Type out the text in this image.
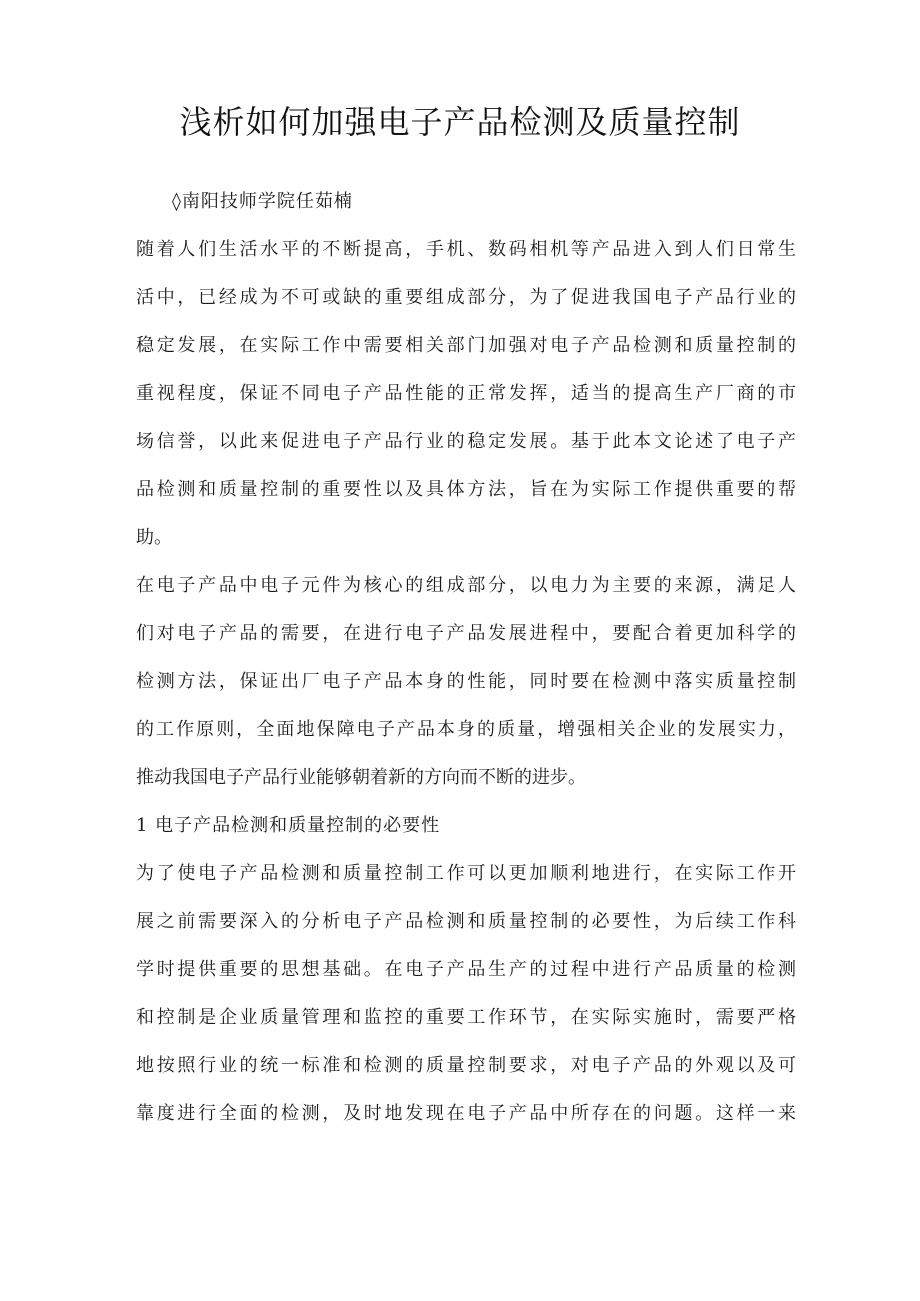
浅析如何加强电子产品检测及质量控制
◊南阳技师学院任茹楠
随着人们生活水平的不断提高，手机、数码相机等产品进入到人们日常生
活中，已经成为不可或缺的重要组成部分，为了促进我国电子产品行业的
稳定发展，在实际工作中需要相关部门加强对电子产品检测和质量控制的
重视程度，保证不同电子产品性能的正常发挥，适当的提高生产厂商的市
场信誉，以此来促进电子产品行业的稳定发展。基于此本文论述了电子产
品检测和质量控制的重要性以及具体方法，旨在为实际工作提供重要的帮
助。
在电子产品中电子元件为核心的组成部分，以电力为主要的来源，满足人
们对电子产品的需要，在进行电子产品发展进程中，要配合着更加科学的
检测方法，保证出厂电子产品本身的性能，同时要在检测中落实质量控制
的工作原则，全面地保障电子产品本身的质量，增强相关企业的发展实力，
推动我国电子产品行业能够朝着新的方向而不断的进步。
1 电子产品检测和质量控制的必要性
为了使电子产品检测和质量控制工作可以更加顺利地进行，在实际工作开
展之前需要深入的分析电子产品检测和质量控制的必要性，为后续工作科
学时提供重要的思想基础。在电子产品生产的过程中进行产品质量的检测
和控制是企业质量管理和监控的重要工作环节，在实际实施时，需要严格
地按照行业的统一标准和检测的质量控制要求，对电子产品的外观以及可
靠度进行全面的检测，及时地发现在电子产品中所存在的问题。这样一来
